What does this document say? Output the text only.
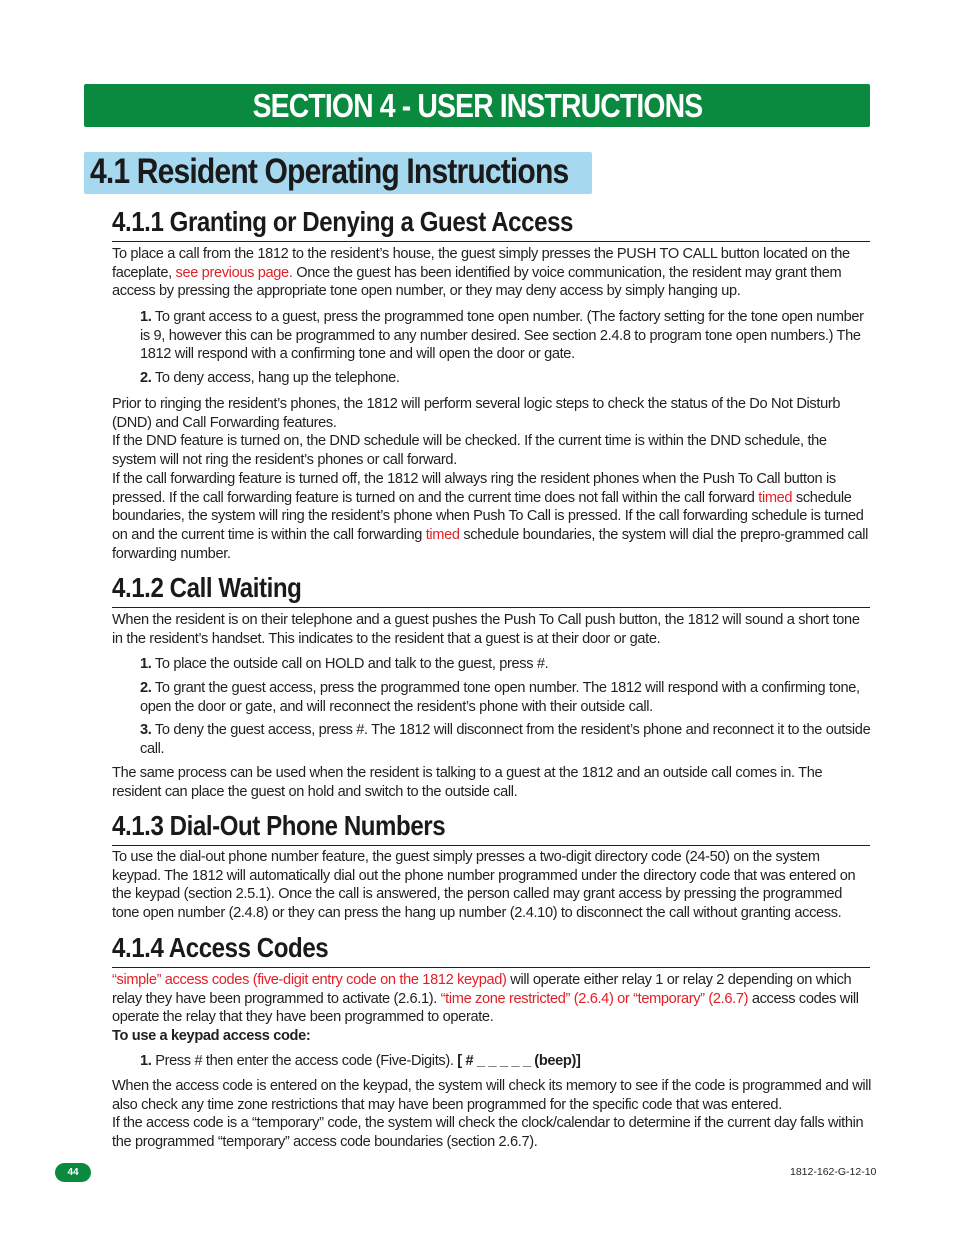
SECTION 4 - USER INSTRUCTIONS
4.1 Resident Operating Instructions
4.1.1 Granting or Denying a Guest Access
To place a call from the 1812 to the resident’s house, the guest simply presses the PUSH TO CALL button located on the faceplate, see previous page. Once the guest has been identified by voice communication, the resident may grant them access by pressing the appropriate tone open number, or they may deny access by simply hanging up.
1. To grant access to a guest, press the programmed tone open number. (The factory setting for the tone open number is 9, however this can be programmed to any number desired. See section 2.4.8 to program tone open numbers.) The 1812 will respond with a confirming tone and will open the door or gate.
2. To deny access, hang up the telephone.
Prior to ringing the resident’s phones, the 1812 will perform several logic steps to check the status of the Do Not Disturb (DND) and Call Forwarding features.
If the DND feature is turned on, the DND schedule will be checked. If the current time is within the DND schedule, the system will not ring the resident’s phones or call forward.
If the call forwarding feature is turned off, the 1812 will always ring the resident phones when the Push To Call button is pressed. If the call forwarding feature is turned on and the current time does not fall within the call forward timed schedule boundaries, the system will ring the resident’s phone when Push To Call is pressed. If the call forwarding schedule is turned on and the current time is within the call forwarding timed schedule boundaries, the system will dial the prepro-grammed call forwarding number.
4.1.2 Call Waiting
When the resident is on their telephone and a guest pushes the Push To Call push button, the 1812 will sound a short tone in the resident’s handset. This indicates to the resident that a guest is at their door or gate.
1. To place the outside call on HOLD and talk to the guest, press #.
2. To grant the guest access, press the programmed tone open number. The 1812 will respond with a confirming tone, open the door or gate, and will reconnect the resident’s phone with their outside call.
3. To deny the guest access, press #. The 1812 will disconnect from the resident’s phone and reconnect it to the outside call.
The same process can be used when the resident is talking to a guest at the 1812 and an outside call comes in. The resident can place the guest on hold and switch to the outside call.
4.1.3 Dial-Out Phone Numbers
To use the dial-out phone number feature, the guest simply presses a two-digit directory code (24-50) on the system keypad. The 1812 will automatically dial out the phone number programmed under the directory code that was entered on the keypad (section 2.5.1). Once the call is answered, the person called may grant access by pressing the programmed tone open number (2.4.8) or they can press the hang up number (2.4.10) to disconnect the call without granting access.
4.1.4 Access Codes
“simple” access codes (five-digit entry code on the 1812 keypad) will operate either relay 1 or relay 2 depending on which relay they have been programmed to activate (2.6.1). “time zone restricted” (2.6.4) or “temporary” (2.6.7) access codes will operate the relay that they have been programmed to operate.
To use a keypad access code:
1. Press # then enter the access code (Five-Digits). [ # _ _ _ _ _ (beep)]
When the access code is entered on the keypad, the system will check its memory to see if the code is programmed and will also check any time zone restrictions that may have been programmed for the specific code that was entered.
If the access code is a “temporary” code, the system will check the clock/calendar to determine if the current day falls within the programmed “temporary” access code boundaries (section 2.6.7).
44	1812-162-G-12-10
